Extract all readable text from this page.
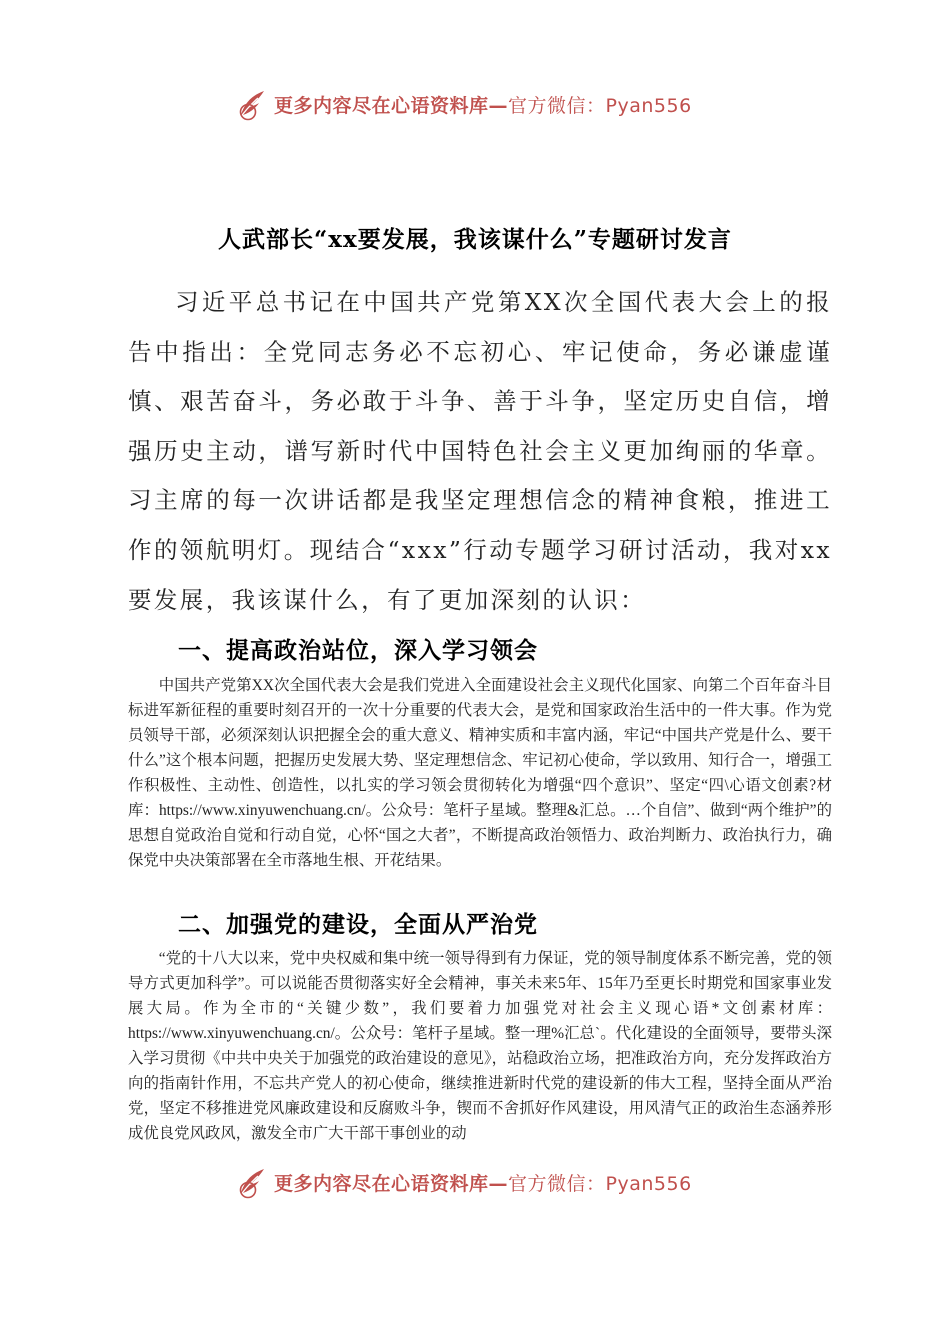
更多内容尽在心语资料库—官方微信：Pyan556
人武部长“xx要发展，我该谋什么”专题研讨发言

习近平总书记在中国共产党第XX次全国代表大会上的报告中指出：全党同志务必不忘初心、牢记使命，务必谦虚谨慎、艰苦奋斗，务必敢于斗争、善于斗争，坚定历史自信，增强历史主动，谱写新时代中国特色社会主义更加绚丽的华章。习主席的每一次讲话都是我坚定理想信念的精神食粮，推进工作的领航明灯。现结合“xxx”行动专题学习研讨活动，我对xx要发展，我该谋什么，有了更加深刻的认识：

一、提高政治站位，深入学习领会

中国共产党第XX次全国代表大会是我们党进入全面建设社会主义现代化国家、向第二个百年奋斗目标进军新征程的重要时刻召开的一次十分重要的代表大会，是党和国家政治生活中的一件大事。作为党员领导干部，必须深刻认识把握全会的重大意义、精神实质和丰富内涵，牢记“中国共产党是什么、要干什么”这个根本问题，把握历史发展大势、坚定理想信念、牢记初心使命，学以致用、知行合一，增强工作积极性、主动性、创造性，以扎实的学习领会贯彻转化为增强“四个意识”、坚定“四\心语文创素?材库：https://www.xinyuwenchuang.cn/。公众号：笔杆子星域。整理&汇总。…个自信”、做到“两个维护”的思想自觉政治自觉和行动自觉，心怀“国之大者”，不断提高政治领悟力、政治判断力、政治执行力，确保党中央决策部署在全市落地生根、开花结果。

二、加强党的建设，全面从严治党

“党的十八大以来，党中央权威和集中统一领导得到有力保证，党的领导制度体系不断完善，党的领导方式更加科学”。可以说能否贯彻落实好全会精神，事关未来5年、15年乃至更长时期党和国家事业发展大局。作为全市的“关键少数”，我们要着力加强党对社会主义现心语*文创素材库：https://www.xinyuwenchuang.cn/。公众号：笔杆子星域。整一理%汇总`。代化建设的全面领导，要带头深入学习贯彻《中共中央关于加强党的政治建设的意见》，站稳政治立场，把准政治方向，充分发挥政治方向的指南针作用，不忘共产党人的初心使命，继续推进新时代党的建设新的伟大工程，坚持全面从严治党，坚定不移推进党风廉政建设和反腐败斗争，锲而不舍抓好作风建设，用风清气正的政治生态涵养形成优良党风政风，激发全市广大干部干事创业的动

更多内容尽在心语资料库—官方微信：Pyan556
